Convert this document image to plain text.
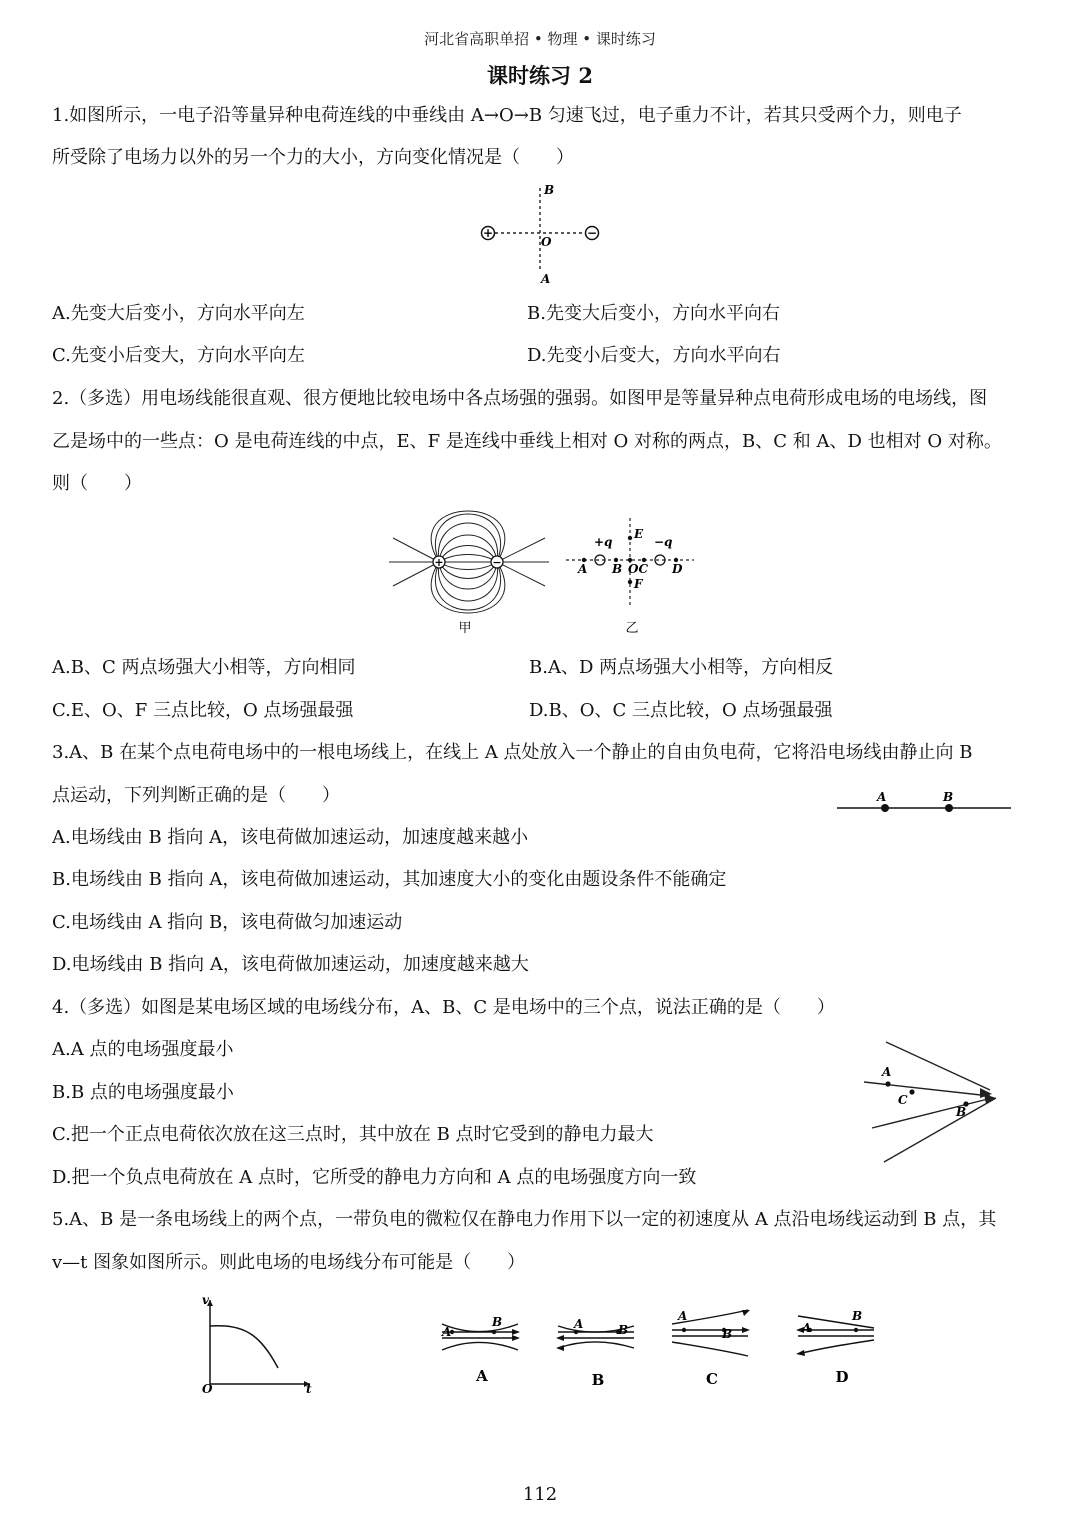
河北省高职单招 • 物理 • 课时练习
课时练习 2
1.如图所示，一电子沿等量异种电荷连线的中垂线由 A→O→B 匀速飞过，电子重力不计，若其只受两个力，则电子
所受除了电场力以外的另一个力的大小，方向变化情况是（　　）
+	−
B
O
A
A.先变大后变小，方向水平向左	B.先变大后变小，方向水平向右
C.先变小后变大，方向水平向左	D.先变小后变大，方向水平向右
2.（多选）用电场线能很直观、很方便地比较电场中各点场强的强弱。如图甲是等量异种点电荷形成电场的电场线，图
乙是场中的一些点：O 是电荷连线的中点，E、F 是连线中垂线上相对 O 对称的两点，B、C 和 A、D 也相对 O 对称。
则（　　）
+	−
甲
+q	−q
E
F
A B OC D
乙
A.B、C 两点场强大小相等，方向相同	B.A、D 两点场强大小相等，方向相反
C.E、O、F 三点比较，O 点场强最强	D.B、O、C 三点比较，O 点场强最强
3.A、B 在某个点电荷电场中的一根电场线上，在线上 A 点处放入一个静止的自由负电荷，它将沿电场线由静止向 B
点运动，下列判断正确的是（　　）	A	B
A.电场线由 B 指向 A，该电荷做加速运动，加速度越来越小
B.电场线由 B 指向 A，该电荷做加速运动，其加速度大小的变化由题设条件不能确定
C.电场线由 A 指向 B，该电荷做匀加速运动
D.电场线由 B 指向 A，该电荷做加速运动，加速度越来越大
4.（多选）如图是某电场区域的电场线分布，A、B、C 是电场中的三个点，说法正确的是（　　）
A
C
B
A.A 点的电场强度最小
B.B 点的电场强度最小
C.把一个正点电荷依次放在这三点时，其中放在 B 点时它受到的静电力最大
D.把一个负点电荷放在 A 点时，它所受的静电力方向和 A 点的电场强度方向一致
5.A、B 是一条电场线上的两个点，一带负电的微粒仅在静电力作用下以一定的初速度从 A 点沿电场线运动到 B 点，其
v—t 图象如图所示。则此电场的电场线分布可能是（　　）
v
O	t
A
B
A
A	B
B
A
B
C
A
B
D
112
